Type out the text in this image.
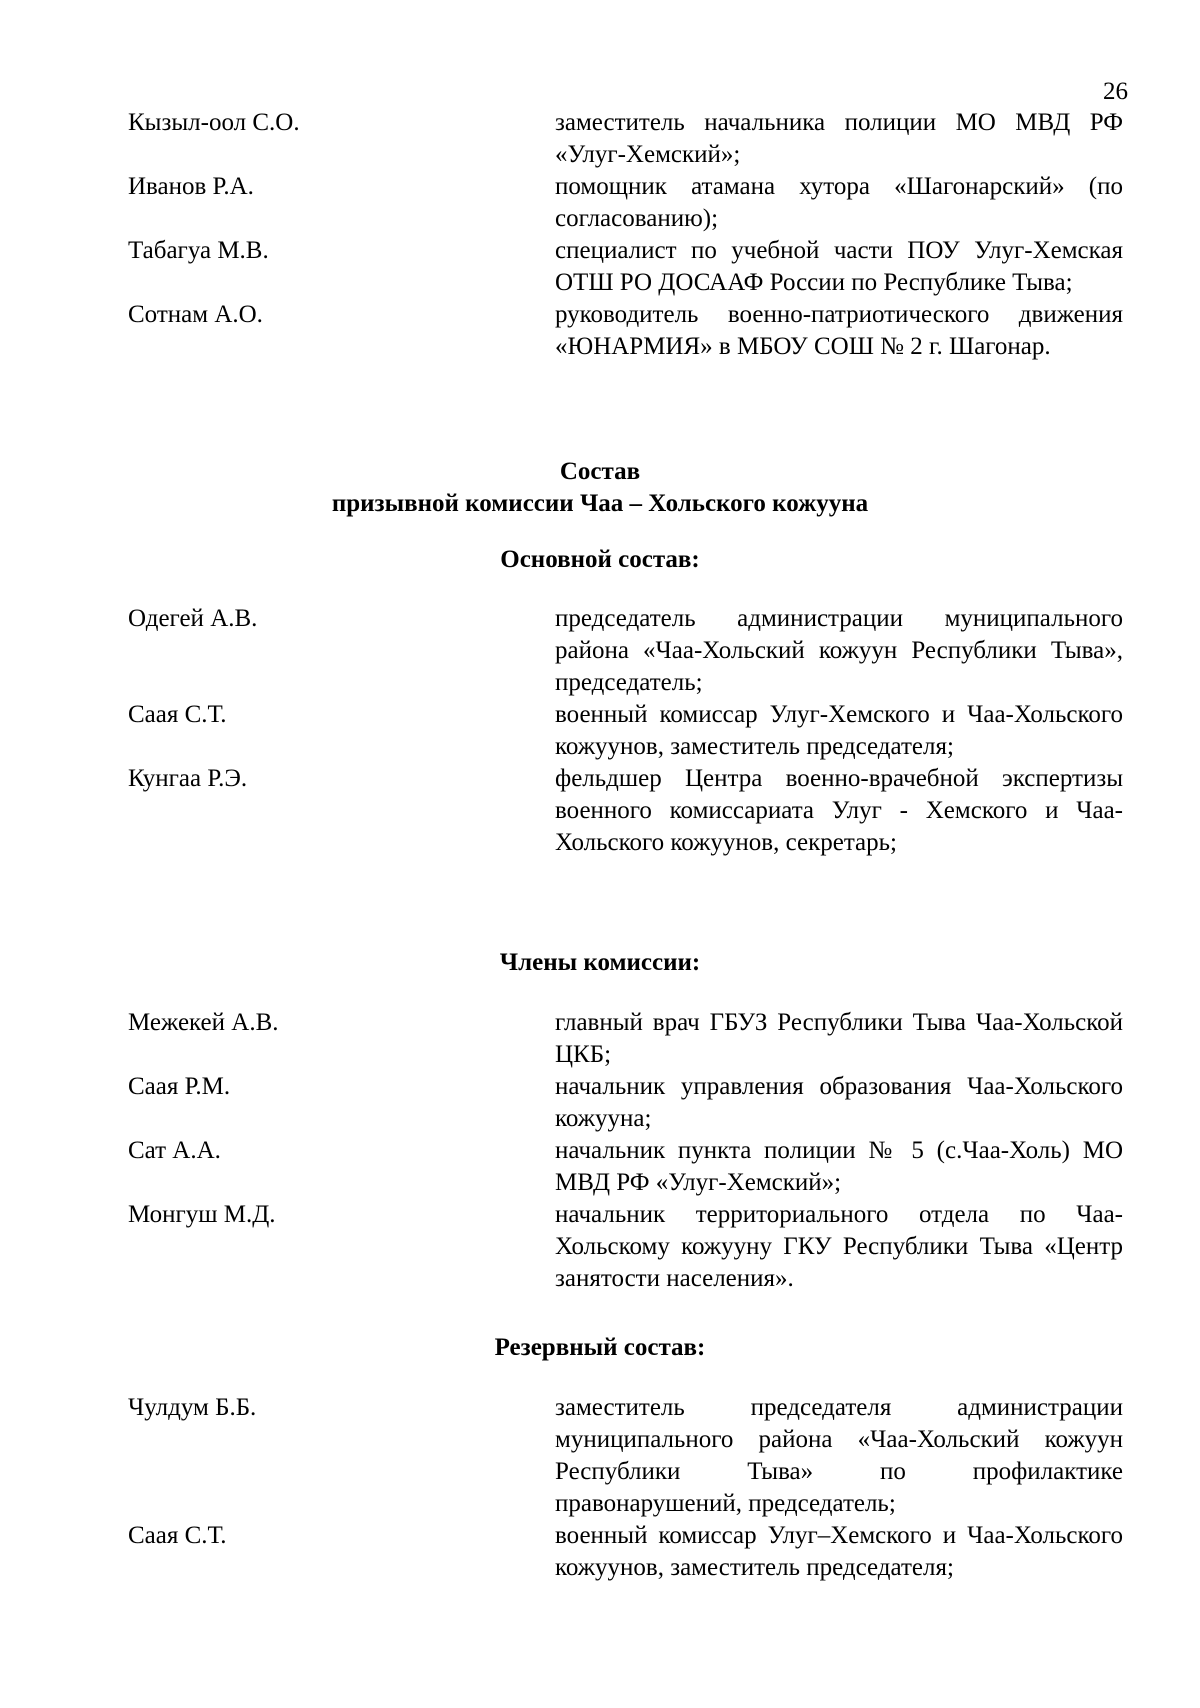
26
Кызыл-оол С.О.	заместитель начальника полиции МО МВД РФ «Улуг-Хемский»;
Иванов Р.А.	помощник атамана хутора «Шагонарский» (по согласованию);
Табагуа М.В.	специалист по учебной части ПОУ Улуг-Хемская ОТШ РО ДОСААФ России по Республике Тыва;
Сотнам А.О.	руководитель военно-патриотического движения «ЮНАРМИЯ» в МБОУ СОШ № 2 г. Шагонар.
Состав
призывной комиссии Чаа – Хольского кожууна
Основной состав:
Одегей А.В.	председатель администрации муниципального района «Чаа-Хольский кожуун Республики Тыва», председатель;
Саая С.Т.	военный комиссар Улуг-Хемского и Чаа-Хольского кожуунов, заместитель председателя;
Кунгаа Р.Э.	фельдшер Центра военно-врачебной экспертизы военного комиссариата Улуг - Хемского и Чаа-Хольского кожуунов, секретарь;
Члены комиссии:
Межекей А.В.	главный врач ГБУЗ Республики Тыва Чаа-Хольской ЦКБ;
Саая Р.М.	начальник управления образования Чаа-Хольского кожууна;
Сат А.А.	начальник пункта полиции № 5 (с.Чаа-Холь) МО МВД РФ «Улуг-Хемский»;
Монгуш М.Д.	начальник территориального отдела по Чаа-Хольскому кожууну ГКУ Республики Тыва «Центр занятости населения».
Резервный состав:
Чулдум Б.Б.	заместитель председателя администрации муниципального района «Чаа-Хольский кожуун Республики Тыва» по профилактике правонарушений, председатель;
Саая С.Т.	военный комиссар Улуг–Хемского и Чаа-Хольского кожуунов, заместитель председателя;
